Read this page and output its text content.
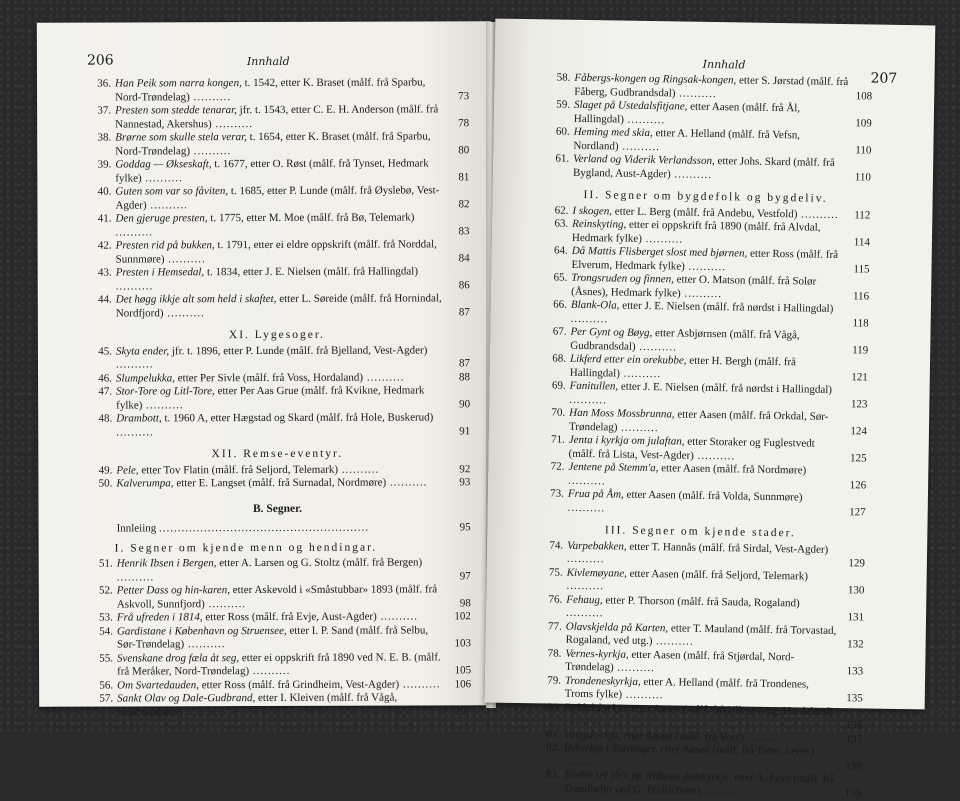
206	Innhald
36. Han Peik som narra kongen, t. 1542, etter K. Braset (målf. frå Sparbu, Nord-Trøndelag) ..........	73
37. Presten som stedde tenarar, jfr. t. 1543, etter C. E. H. Anderson (målf. frå Nannestad, Akershus) ..........	78
38. Brørne som skulle stela verar, t. 1654, etter K. Braset (målf. frå Sparbu, Nord-Trøndelag) ..........	80
39. Goddag — Økseskaft, t. 1677, etter O. Røst (målf. frå Tynset, Hedmark fylke) ..........	81
40. Guten som var so fåviten, t. 1685, etter P. Lunde (målf. frå Øyslebø, Vest-Agder) ..........	82
41. Den gjeruge presten, t. 1775, etter M. Moe (målf. frå Bø, Telemark) ..........	83
42. Presten rid på bukken, t. 1791, etter ei eldre oppskrift (målf. frå Norddal, Sunnmøre) ..........	84
43. Presten i Hemsedal, t. 1834, etter J. E. Nielsen (målf. frå Hallingdal) ..........	86
44. Det høgg ikkje alt som held i skaftet, etter L. Søreide (målf. frå Hornindal, Nordfjord) ..........	87
XI. Lygesoger.
45. Skyta ender, jfr. t. 1896, etter P. Lunde (målf. frå Bjelland, Vest-Agder) ..........	87
46. Slumpelukka, etter Per Sivle (målf. frå Voss, Hordaland) ..........	88
47. Stor-Tore og Litl-Tore, etter Per Aas Grue (målf. frå Kvikne, Hedmark fylke) ..........	90
48. Drambott, t. 1960 A, etter Hægstad og Skard (målf. frå Hole, Buskerud) ..........	91
XII. Remse-eventyr.
49. Pele, etter Tov Flatin (målf. frå Seljord, Telemark) ..........	92
50. Kalverumpa, etter E. Langset (målf. frå Surnadal, Nordmøre) ..........	93
B. Segner.
Innleiing ........................................................	95
I. Segner om kjende menn og hendingar.
51. Henrik Ibsen i Bergen, etter A. Larsen og G. Stoltz (målf. frå Bergen) ..........	97
52. Petter Dass og hin-karen, etter Askevold i «Småstubbar» 1893 (målf. frå Askvoll, Sunnfjord) ..........	98
53. Frå ufreden i 1814, etter Ross (målf. frå Evje, Aust-Agder) ..........	102
54. Gardistane i København og Struensee, etter I. P. Sand (målf. frå Selbu, Sør-Trøndelag) ..........	103
55. Svenskane drog fæla åt seg, etter ei oppskrift frå 1890 ved N. E. B. (målf. frå Meråker, Nord-Trøndelag) ..........	105
56. Om Svartedauden, etter Ross (målf. frå Grindheim, Vest-Agder) ..........	106
57. Sankt Olav og Dale-Gudbrand, etter I. Kleiven (målf. frå Vågå, Gudbrandsdal) ..........	107
Innhald
207
58. Fåbergs-kongen og Ringsak-kongen, etter S. Jørstad (målf. frå Fåberg, Gudbrandsdal) ..........	108
59. Slaget på Ustedalsfitjane, etter Aasen (målf. frå Ål, Hallingdal) ..........	109
60. Heming med skia, etter A. Helland (målf. frå Vefsn, Nordland) ..........	110
61. Verland og Viderik Verlandsson, etter Johs. Skard (målf. frå Bygland, Aust-Agder) ..........	110
II. Segner om bygdefolk og bygdeliv.
62. I skogen, etter L. Berg (målf. frå Andebu, Vestfold) ..........	112
63. Reinskyting, etter ei oppskrift frå 1890 (målf. frå Alvdal, Hedmark fylke) ..........	114
64. Då Mattis Flisberget slost med bjørnen, etter Ross (målf. frå Elverum, Hedmark fylke) ..........	115
65. Trongsruden og finnen, etter O. Matson (målf. frå Solør (Åsnes), Hedmark fylke) ..........	116
66. Blank-Ola, etter J. E. Nielsen (målf. frå nørdst i Hallingdal) ..........	118
67. Per Gynt og Bøyg, etter Asbjørnsen (målf. frå Vågå, Gudbrandsdal) ..........	119
68. Likferd etter ein orekubbe, etter H. Bergh (målf. frå Hallingdal) ..........	121
69. Fanitullen, etter J. E. Nielsen (målf. frå nørdst i Hallingdal) ..........	123
70. Han Moss Mossbrunna, etter Aasen (målf. frå Orkdal, Sør-Trøndelag) ..........	124
71. Jenta i kyrkja om julaftan, etter Storaker og Fuglestvedt (målf. frå Lista, Vest-Agder) ..........	125
72. Jentene på Stemm'a, etter Aasen (målf. frå Nordmøre) ..........	126
73. Frua på Åm, etter Aasen (målf. frå Volda, Sunnmøre) ..........	127
III. Segner om kjende stader.
74. Varpebakken, etter T. Hannås (målf. frå Sirdal, Vest-Agder) ..........	129
75. Kivlemøyane, etter Aasen (målf. frå Seljord, Telemark) ..........	130
76. Fehaug, etter P. Thorson (målf. frå Sauda, Rogaland) ..........	131
77. Olavskjelda på Karten, etter T. Mauland (målf. frå Torvastad, Rogaland, ved utg.) ..........	132
78. Vernes-kyrkja, etter Aasen (målf. frå Stjørdal, Nord-Trøndelag) ..........	133
79. Trondeneskyrkja, etter A. Helland (målf. frå Trondenes, Troms fylke) ..........	135
80. Røldalskyrkja, etter Aasen (målf. frå Ullensvang, Hordaland) ..........	136
81. Vangskyrkja, etter Aasen (målf. frå Voss) ..........	137
82. Bykyrkja i Stavanger, etter Aasen (målf. frå Time, Jæren) ..........	138
83. Trollet set tårn på Nidaros domkyrkje, etter A. Faye (målf. frå Trondheim ved G. Fridrichsen) ..........	139
